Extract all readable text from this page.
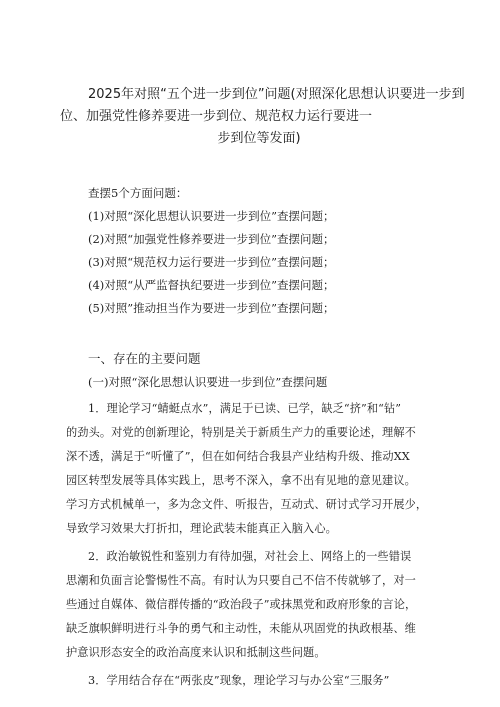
2025年对照“五个进一步到位”问题(对照深化思想认识要进一步到
位、加强党性修养要进一步到位、规范权力运行要进一
步到位等发面)
查摆5个方面问题：
(1)对照“深化思想认识要进一步到位”查摆问题；
(2)对照“加强党性修养要进一步到位”查摆问题；
(3)对照“规范权力运行要进一步到位”查摆问题；
(4)对照“从严监督执纪要进一步到位”查摆问题；
(5)对照”推动担当作为要进一步到位”查摆问题；
一、存在的主要问题
(一)对照“深化思想认识要进一步到位”查摆问题
1．理论学习“蜻蜓点水”，满足于已读、已学，缺乏“挤”和“钻”
的劲头。对党的创新理论，特别是关于新质生产力的重要论述，理解不
深不透，满足于“听懂了”，但在如何结合我县产业结构升级、推动XX
园区转型发展等具体实践上，思考不深入，拿不出有见地的意见建议。
学习方式机械单一，多为念文件、听报告，互动式、研讨式学习开展少，
导致学习效果大打折扣，理论武装未能真正入脑入心。
2．政治敏锐性和鉴别力有待加强，对社会上、网络上的一些错误
思潮和负面言论警惕性不高。有时认为只要自己不信不传就够了，对一
些通过自媒体、微信群传播的“政治段子”或抹黑党和政府形象的言论，
缺乏旗帜鲜明进行斗争的勇气和主动性，未能从巩固党的执政根基、维
护意识形态安全的政治高度来认识和抵制这些问题。
3．学用结合存在“两张皮”现象，理论学习与办公室“三服务”
